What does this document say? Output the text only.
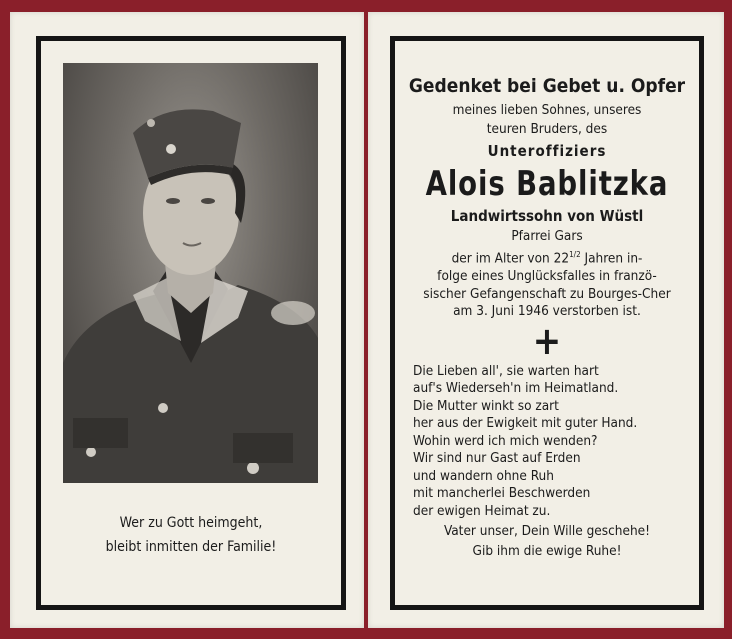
Wer zu Gott heimgeht,
bleibt inmitten der Familie!
Gedenket bei Gebet u. Opfer
meines lieben Sohnes, unseres
teuren Bruders, des
Unteroffiziers
Alois Bablitzka
Landwirtssohn von Wüstl
Pfarrei Gars
der im Alter von $22^{1/2}$ Jahren in-
folge eines Unglücksfalles in franzö-
sischer Gefangenschaft zu Bourges-Cher
am 3. Juni 1946 verstorben ist.
+
Die Lieben all', sie warten hart
auf's Wiederseh'n im Heimatland.
Die Mutter winkt so zart
her aus der Ewigkeit mit guter Hand.
Wohin werd ich mich wenden?
Wir sind nur Gast auf Erden
und wandern ohne Ruh
mit mancherlei Beschwerden
der ewigen Heimat zu.
Vater unser, Dein Wille geschehe!
Gib ihm die ewige Ruhe!
